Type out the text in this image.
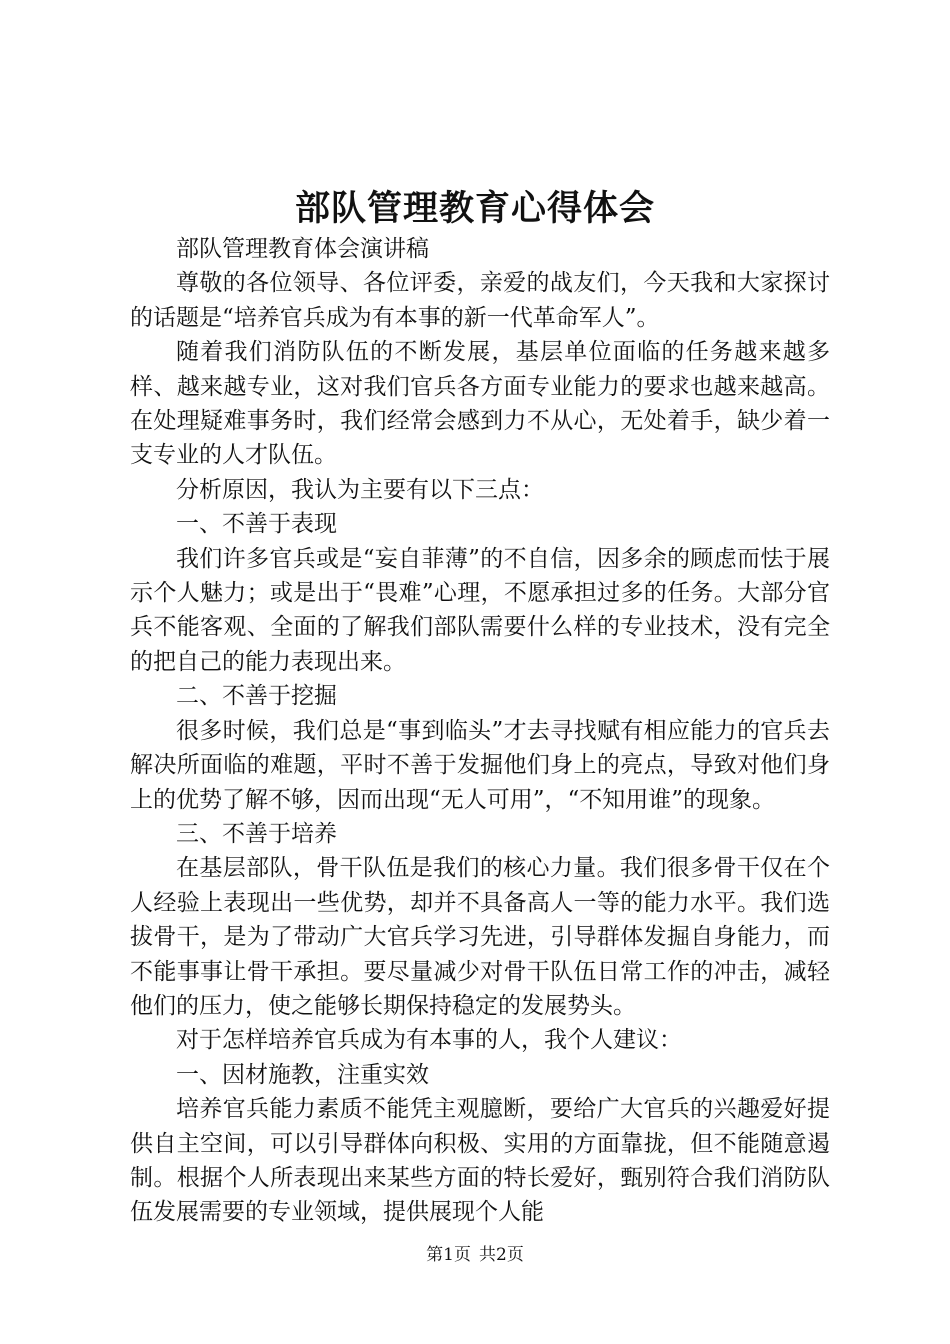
部队管理教育心得体会

部队管理教育体会演讲稿

尊敬的各位领导、各位评委，亲爱的战友们，今天我和大家探讨的话题是“培养官兵成为有本事的新一代革命军人”。

随着我们消防队伍的不断发展，基层单位面临的任务越来越多样、越来越专业，这对我们官兵各方面专业能力的要求也越来越高。在处理疑难事务时，我们经常会感到力不从心，无处着手，缺少着一支专业的人才队伍。

分析原因，我认为主要有以下三点：

一、不善于表现

我们许多官兵或是“妄自菲薄”的不自信，因多余的顾虑而怯于展示个人魅力；或是出于“畏难”心理，不愿承担过多的任务。大部分官兵不能客观、全面的了解我们部队需要什么样的专业技术，没有完全的把自己的能力表现出来。

二、不善于挖掘

很多时候，我们总是“事到临头”才去寻找赋有相应能力的官兵去解决所面临的难题，平时不善于发掘他们身上的亮点，导致对他们身上的优势了解不够，因而出现“无人可用”，“不知用谁”的现象。

三、不善于培养

在基层部队，骨干队伍是我们的核心力量。我们很多骨干仅在个人经验上表现出一些优势，却并不具备高人一等的能力水平。我们选拔骨干，是为了带动广大官兵学习先进，引导群体发掘自身能力，而不能事事让骨干承担。要尽量减少对骨干队伍日常工作的冲击，减轻他们的压力，使之能够长期保持稳定的发展势头。

对于怎样培养官兵成为有本事的人，我个人建议：

一、因材施教，注重实效

培养官兵能力素质不能凭主观臆断，要给广大官兵的兴趣爱好提供自主空间，可以引导群体向积极、实用的方面靠拢，但不能随意遏制。根据个人所表现出来某些方面的特长爱好，甄别符合我们消防队伍发展需要的专业领域，提供展现个人能

第1页 共2页
